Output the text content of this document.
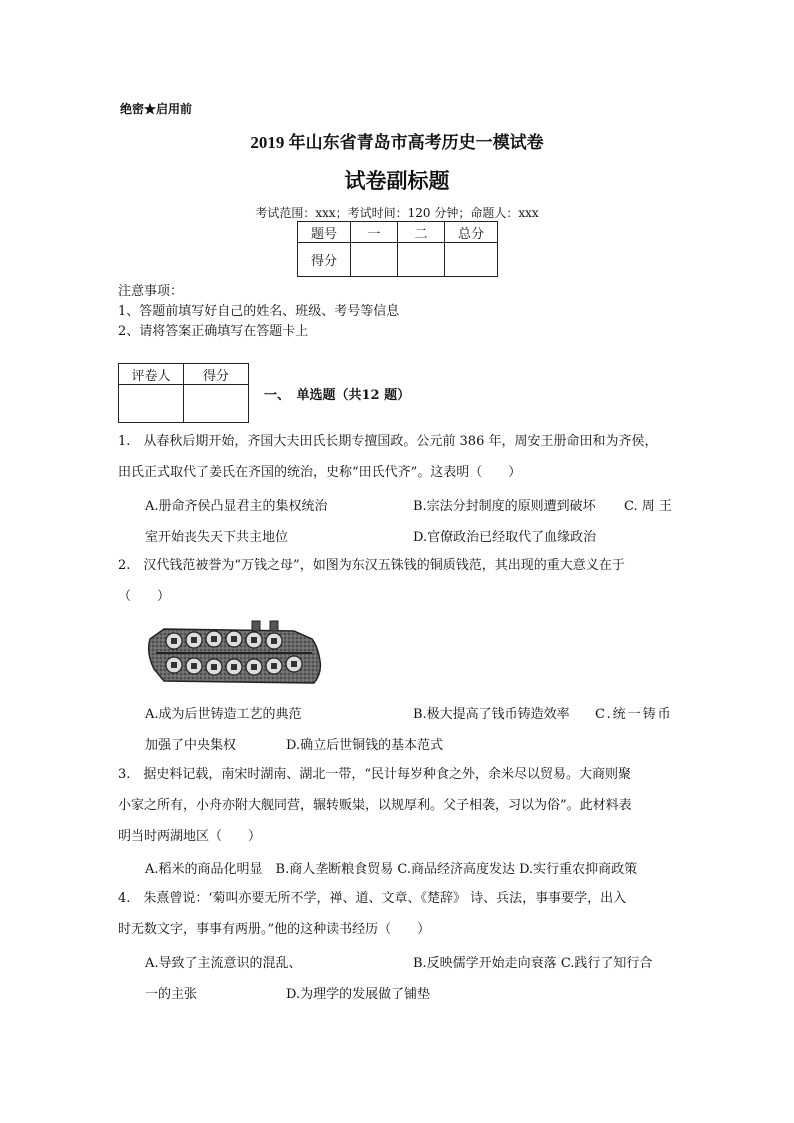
绝密★启用前
2019 年山东省青岛市高考历史一模试卷
试卷副标题
考试范围：xxx；考试时间：120 分钟；命题人：xxx
题号	一	二	总分
得分			
注意事项：
1、答题前填写好自己的姓名、班级、考号等信息
2、请将答案正确填写在答题卡上
评卷人	得分

一、　单选题（共12 题）
1.　从春秋后期开始，齐国大夫田氏长期专擅国政。公元前 386 年，周安王册命田和为齐侯，
田氏正式取代了姜氏在齐国的统治，史称“田氏代齐”。这表明（　　）
A.册命齐侯凸显君主的集权统治	B.宗法分封制度的原则遭到破坏 C. 周 王
室开始丧失天下共主地位	D.官僚政治已经取代了血缘政治
2.　汉代钱范被誉为“万钱之母”，如图为东汉五铢钱的铜质钱范，其出现的重大意义在于
（　　）
A.成为后世铸造工艺的典范	B.极大提高了钱币铸造效率 C.统一铸币
加强了中央集权	D.确立后世铜钱的基本范式
3.　据史料记载，南宋时湖南、湖北一带，“民计每岁种食之外，余米尽以贸易。大商则聚
小家之所有，小舟亦附大舰同营，辗转贩粜，以规厚利。父子相袭，习以为俗”。此材料表
明当时两湖地区（　　）
A.稻米的商品化明显　B.商人垄断粮食贸易 C.商品经济高度发达 D.实行重农抑商政策
4.　朱熹曾说：‘菊叫亦要无所不学，禅、道、文章、《楚辞》 诗、兵法，事事要学，出入
时无数文字，事事有两册。”他的这种读书经历（　　）
A.导致了主流意识的混乱、	B.反映儒学开始走向衰落 C.践行了知行合
一的主张	D.为理学的发展做了铺垫
